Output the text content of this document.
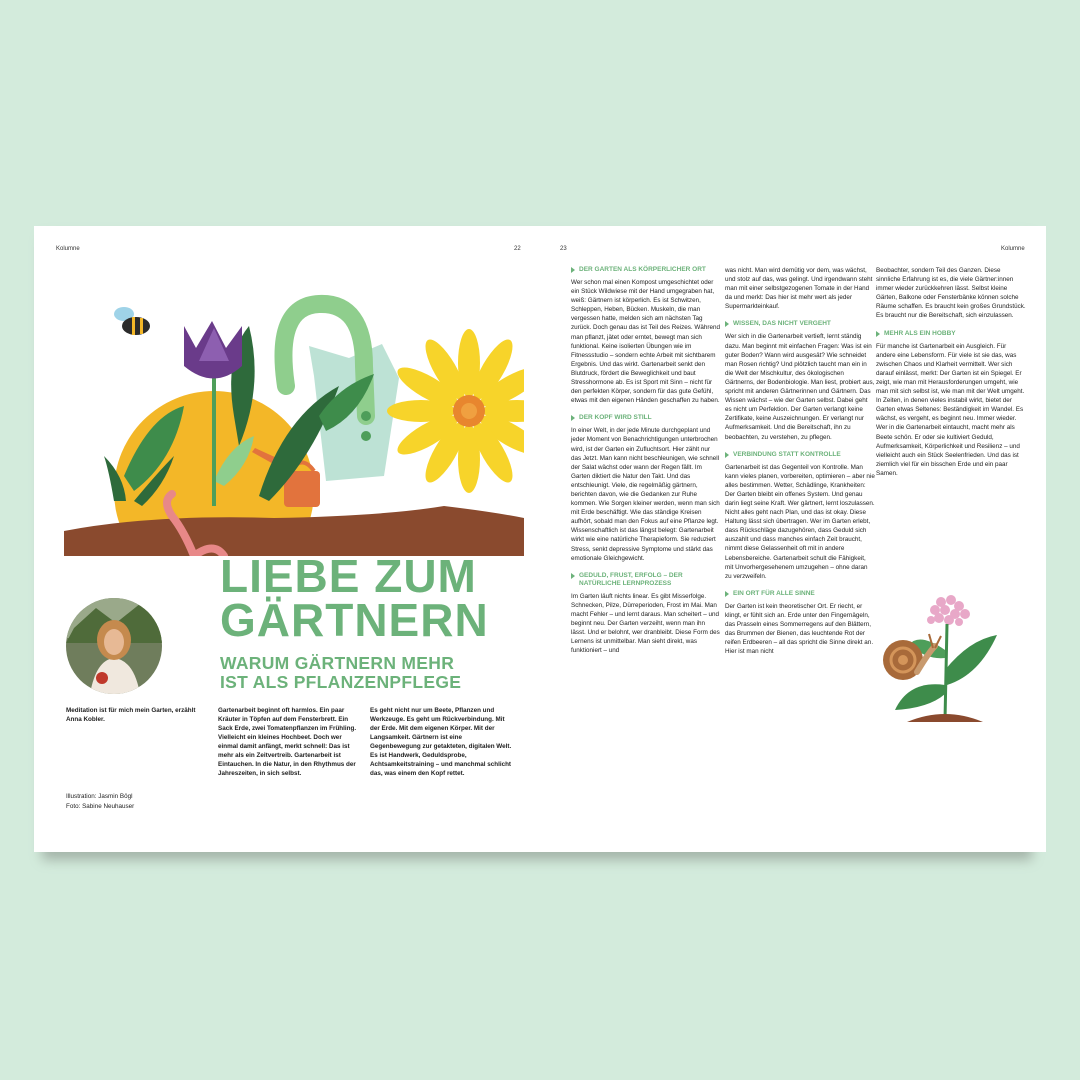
Kolumne	22
LIEBE ZUM
GÄRTNERN
WARUM GÄRTNERN MEHR
IST ALS PFLANZENPFLEGE

Meditation ist für mich mein Garten, erzählt Anna Kobler.

Illustration: Jasmin Bögl
Foto: Sabine Neuhauser

Gartenarbeit beginnt oft harmlos. Ein paar Kräuter in Töpfen auf dem Fensterbrett. Ein Sack Erde, zwei Tomatenpflanzen im Frühling. Vielleicht ein kleines Hochbeet. Doch wer einmal damit anfängt, merkt schnell: Das ist mehr als ein Zeitvertreib. Gartenarbeit ist Eintauchen. In die Natur, in den Rhythmus der Jahreszeiten, in sich selbst.

Es geht nicht nur um Beete, Pflanzen und Werkzeuge. Es geht um Rückverbindung. Mit der Erde. Mit dem eigenen Körper. Mit der Langsamkeit. Gärtnern ist eine Gegenbewegung zur getakteten, digitalen Welt. Es ist Handwerk, Geduldsprobe, Achtsamkeitstraining – und manchmal schlicht das, was einem den Kopf rettet.

23	Kolumne
DER GARTEN ALS KÖRPERLICHER ORT

Wer schon mal einen Kompost umgeschichtet oder ein Stück Wildwiese mit der Hand umgegraben hat, weiß: Gärtnern ist körperlich. Es ist Schwitzen, Schleppen, Heben, Bücken. Muskeln, die man vergessen hatte, melden sich am nächsten Tag zurück. Doch genau das ist Teil des Reizes. Während man pflanzt, jätet oder erntet, bewegt man sich funktional. Keine isolierten Übungen wie im Fitnessstudio – sondern echte Arbeit mit sichtbarem Ergebnis. Und das wirkt. Gartenarbeit senkt den Blutdruck, fördert die Beweglichkeit und baut Stresshormone ab. Es ist Sport mit Sinn – nicht für den perfekten Körper, sondern für das gute Gefühl, etwas mit den eigenen Händen geschaffen zu haben.

DER KOPF WIRD STILL

In einer Welt, in der jede Minute durchgeplant und jeder Moment von Benachrichtigungen unterbrochen wird, ist der Garten ein Zufluchtsort. Hier zählt nur das Jetzt. Man kann nicht beschleunigen, wie schnell der Salat wächst oder wann der Regen fällt. Im Garten diktiert die Natur den Takt. Und das entschleunigt. Viele, die regelmäßig gärtnern, berichten davon, wie die Gedanken zur Ruhe kommen. Wie Sorgen kleiner werden, wenn man sich mit Erde beschäftigt. Wie das ständige Kreisen aufhört, sobald man den Fokus auf eine Pflanze legt. Wissenschaftlich ist das längst belegt: Gartenarbeit wirkt wie eine natürliche Therapieform. Sie reduziert Stress, senkt depressive Symptome und stärkt das emotionale Gleichgewicht.

GEDULD, FRUST, ERFOLG – DER NATÜRLICHE LERNPROZESS

Im Garten läuft nichts linear. Es gibt Misserfolge. Schnecken, Pilze, Dürreperioden, Frost im Mai. Man macht Fehler – und lernt daraus. Man scheitert – und beginnt neu. Der Garten verzeiht, wenn man ihn lässt. Und er belohnt, wer dranbleibt. Diese Form des Lernens ist unmittelbar. Man sieht direkt, was funktioniert – und

was nicht. Man wird demütig vor dem, was wächst, und stolz auf das, was gelingt. Und irgendwann steht man mit einer selbstgezogenen Tomate in der Hand da und merkt: Das hier ist mehr wert als jeder Supermarkteinkauf.

WISSEN, DAS NICHT VERGEHT

Wer sich in die Gartenarbeit vertieft, lernt ständig dazu. Man beginnt mit einfachen Fragen: Was ist ein guter Boden? Wann wird ausgesät? Wie schneidet man Rosen richtig? Und plötzlich taucht man ein in die Welt der Mischkultur, des ökologischen Gärtnerns, der Bodenbiologie. Man liest, probiert aus, spricht mit anderen Gärtnerinnen und Gärtnern. Das Wissen wächst – wie der Garten selbst. Dabei geht es nicht um Perfektion. Der Garten verlangt keine Zertifikate, keine Auszeichnungen. Er verlangt nur Aufmerksamkeit. Und die Bereitschaft, ihn zu beobachten, zu verstehen, zu pflegen.

VERBINDUNG STATT KONTROLLE

Gartenarbeit ist das Gegenteil von Kontrolle. Man kann vieles planen, vorbereiten, optimieren – aber nie alles bestimmen. Wetter, Schädlinge, Krankheiten: Der Garten bleibt ein offenes System. Und genau darin liegt seine Kraft. Wer gärtnert, lernt loszulassen. Nicht alles geht nach Plan, und das ist okay. Diese Haltung lässt sich übertragen. Wer im Garten erlebt, dass Rückschläge dazugehören, dass Geduld sich auszahlt und dass manches einfach Zeit braucht, nimmt diese Gelassenheit oft mit in andere Lebensbereiche. Gartenarbeit schult die Fähigkeit, mit Unvorhergesehenem umzugehen – ohne daran zu verzweifeln.

EIN ORT FÜR ALLE SINNE

Der Garten ist kein theoretischer Ort. Er riecht, er klingt, er fühlt sich an. Erde unter den Fingernägeln, das Prasseln eines Sommerregens auf den Blättern, das Brummen der Bienen, das leuchtende Rot der reifen Erdbeeren – all das spricht die Sinne direkt an. Hier ist man nicht

Beobachter, sondern Teil des Ganzen. Diese sinnliche Erfahrung ist es, die viele Gärtner:innen immer wieder zurückkehren lässt. Selbst kleine Gärten, Balkone oder Fensterbänke können solche Räume schaffen. Es braucht kein großes Grundstück. Es braucht nur die Bereitschaft, sich einzulassen.

MEHR ALS EIN HOBBY

Für manche ist Gartenarbeit ein Ausgleich. Für andere eine Lebensform. Für viele ist sie das, was zwischen Chaos und Klarheit vermittelt. Wer sich darauf einlässt, merkt: Der Garten ist ein Spiegel. Er zeigt, wie man mit Herausforderungen umgeht, wie man mit sich selbst ist, wie man mit der Welt umgeht. In Zeiten, in denen vieles instabil wirkt, bietet der Garten etwas Seltenes: Beständigkeit im Wandel. Es wächst, es vergeht, es beginnt neu. Immer wieder. Wer in die Gartenarbeit eintaucht, macht mehr als Beete schön. Er oder sie kultiviert Geduld, Aufmerksamkeit, Körperlichkeit und Resilienz – und vielleicht auch ein Stück Seelenfrieden. Und das ist ziemlich viel für ein bisschen Erde und ein paar Samen.
